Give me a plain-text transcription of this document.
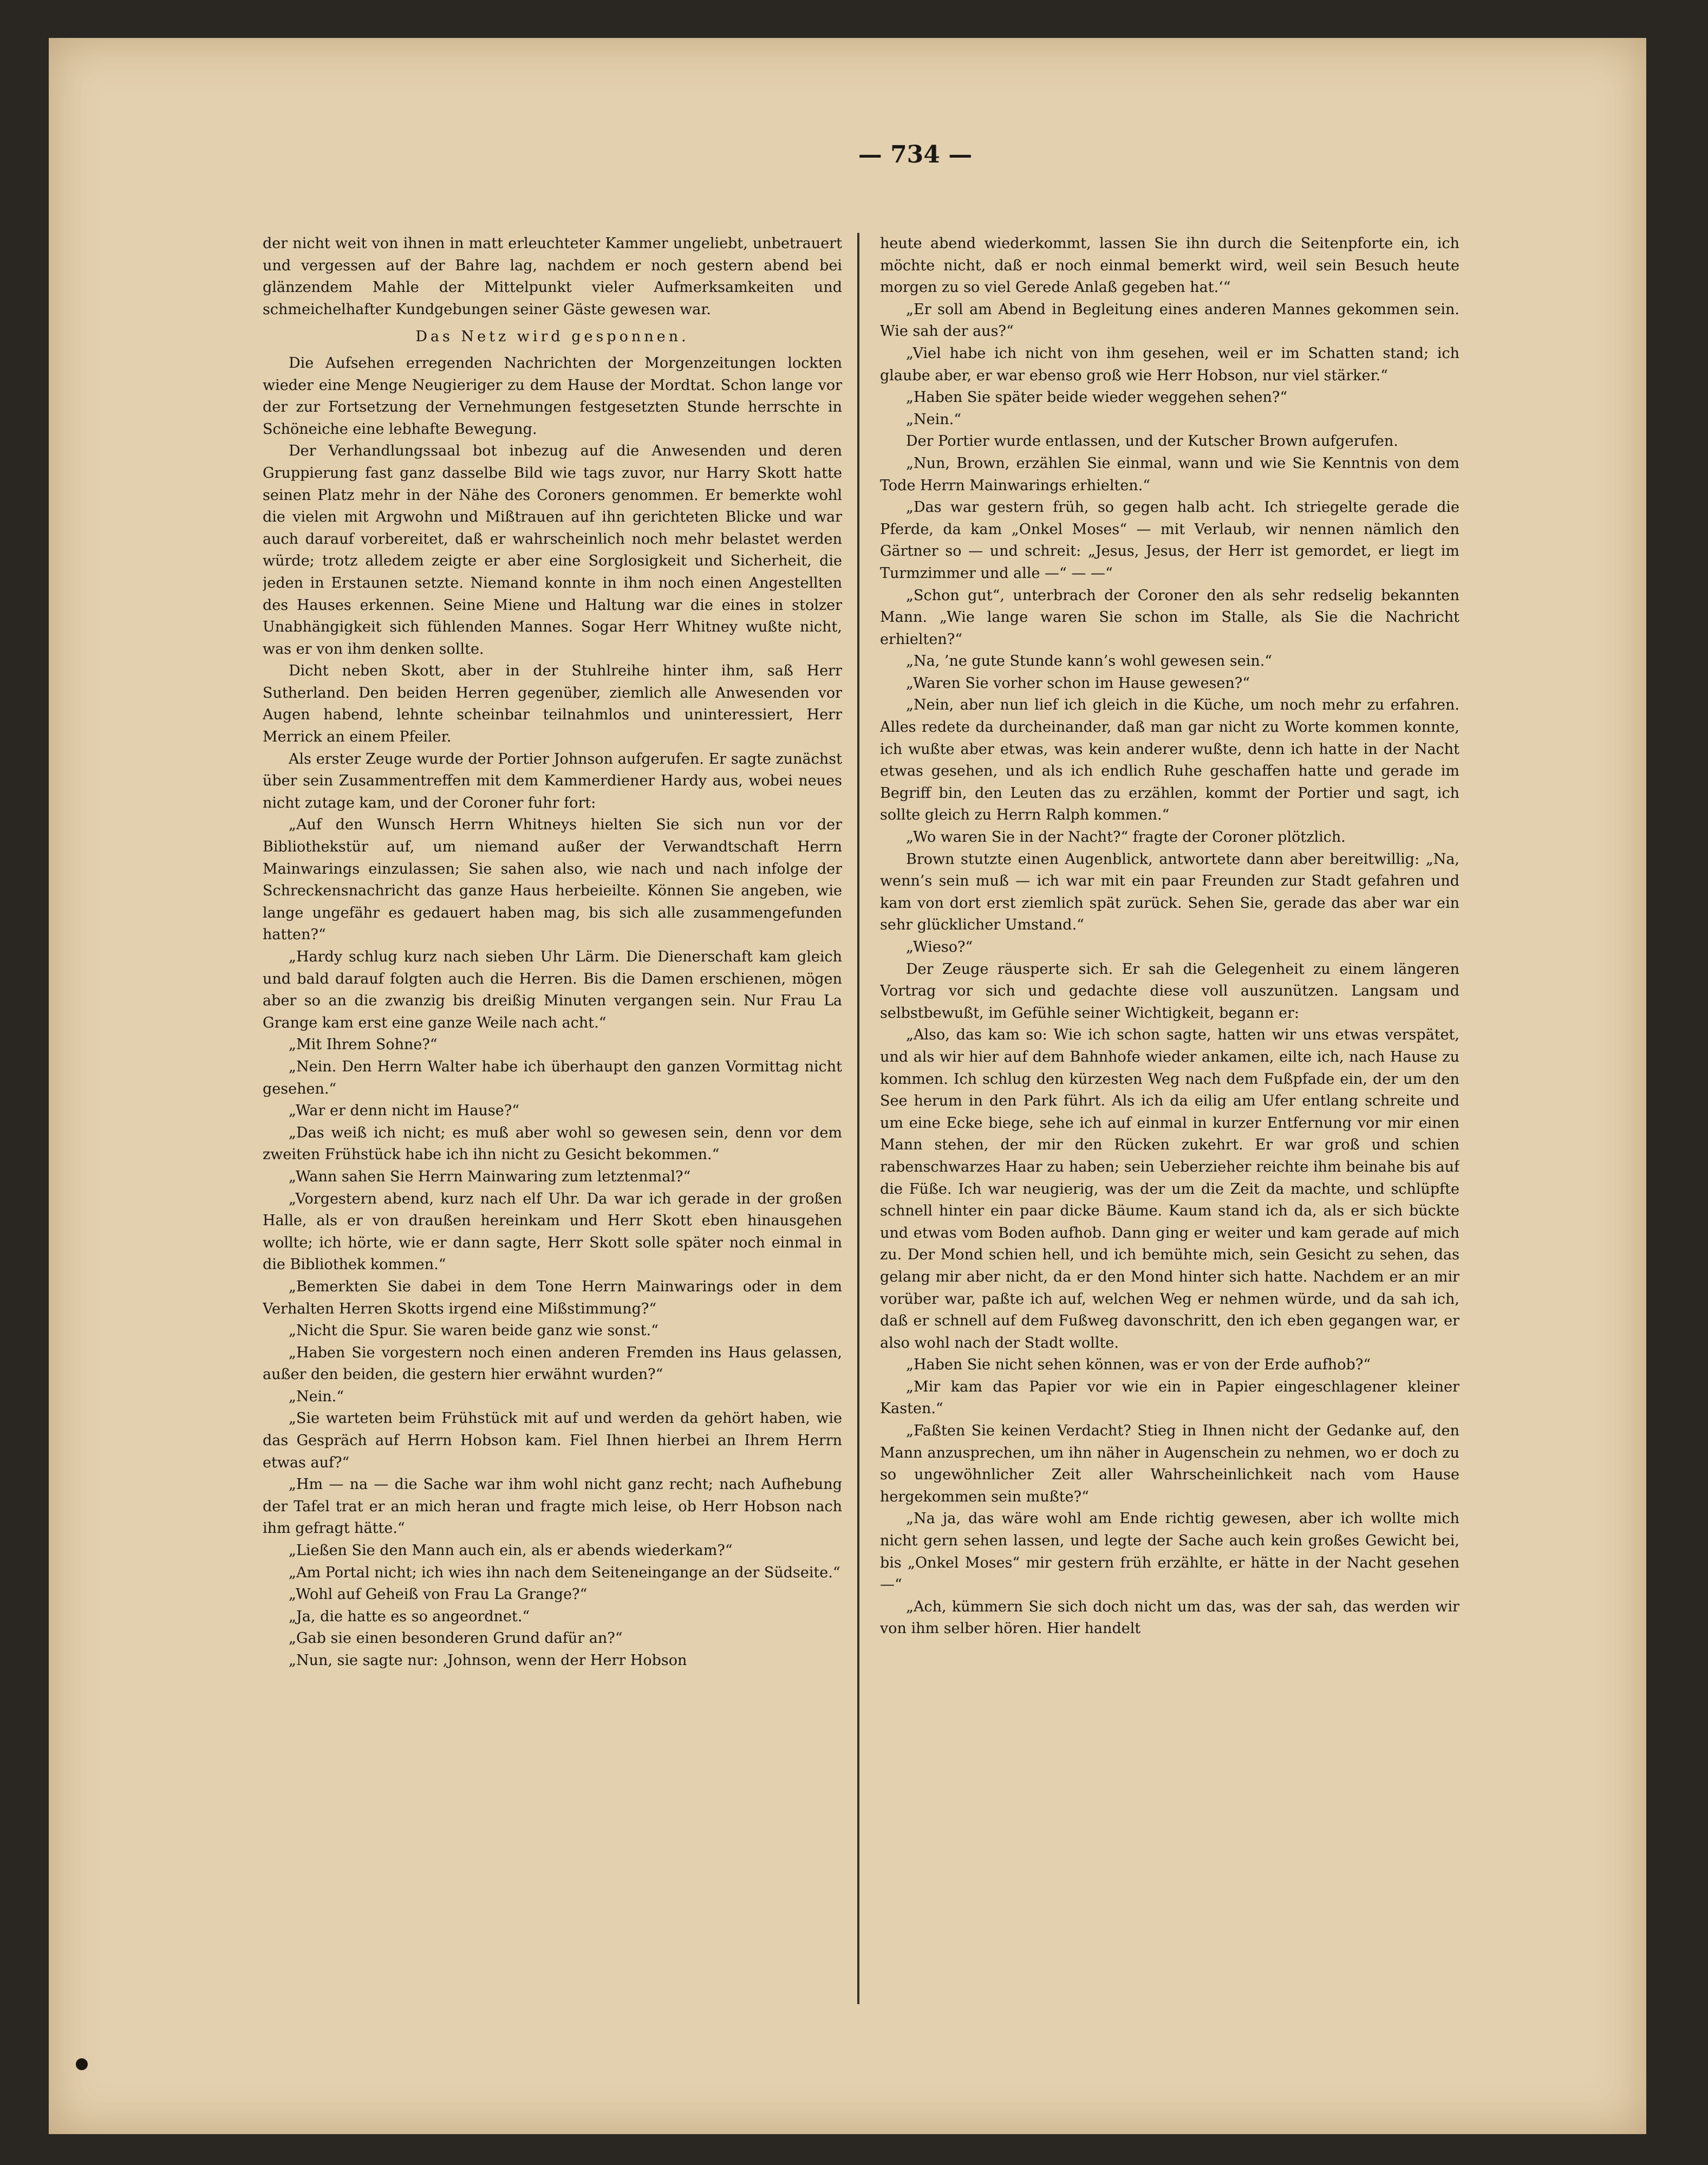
— 734 —

der nicht weit von ihnen in matt erleuchteter Kammer ungeliebt, unbetrauert und vergessen auf der Bahre lag, nachdem er noch gestern abend bei glänzendem Mahle der Mittelpunkt vieler Aufmerksamkeiten und schmeichelhafter Kundgebungen seiner Gäste gewesen war.

Das Netz wird gesponnen.

Die Aufsehen erregenden Nachrichten der Morgenzeitungen lockten wieder eine Menge Neugieriger zu dem Hause der Mordtat. Schon lange vor der zur Fortsetzung der Vernehmungen festgesetzten Stunde herrschte in Schöneiche eine lebhafte Bewegung.

Der Verhandlungssaal bot inbezug auf die Anwesenden und deren Gruppierung fast ganz dasselbe Bild wie tags zuvor, nur Harry Skott hatte seinen Platz mehr in der Nähe des Coroners genommen. Er bemerkte wohl die vielen mit Argwohn und Mißtrauen auf ihn gerichteten Blicke und war auch darauf vorbereitet, daß er wahrscheinlich noch mehr belastet werden würde; trotz alledem zeigte er aber eine Sorglosigkeit und Sicherheit, die jeden in Erstaunen setzte. Niemand konnte in ihm noch einen Angestellten des Hauses erkennen. Seine Miene und Haltung war die eines in stolzer Unabhängigkeit sich fühlenden Mannes. Sogar Herr Whitney wußte nicht, was er von ihm denken sollte.

Dicht neben Skott, aber in der Stuhlreihe hinter ihm, saß Herr Sutherland. Den beiden Herren gegenüber, ziemlich alle Anwesenden vor Augen habend, lehnte scheinbar teilnahmlos und uninteressiert, Herr Merrick an einem Pfeiler.

Als erster Zeuge wurde der Portier Johnson aufgerufen. Er sagte zunächst über sein Zusammentreffen mit dem Kammerdiener Hardy aus, wobei neues nicht zutage kam, und der Coroner fuhr fort:

„Auf den Wunsch Herrn Whitneys hielten Sie sich nun vor der Bibliothekstür auf, um niemand außer der Verwandtschaft Herrn Mainwarings einzulassen; Sie sahen also, wie nach und nach infolge der Schreckensnachricht das ganze Haus herbeieilte. Können Sie angeben, wie lange ungefähr es gedauert haben mag, bis sich alle zusammengefunden hatten?“

„Hardy schlug kurz nach sieben Uhr Lärm. Die Dienerschaft kam gleich und bald darauf folgten auch die Herren. Bis die Damen erschienen, mögen aber so an die zwanzig bis dreißig Minuten vergangen sein. Nur Frau La Grange kam erst eine ganze Weile nach acht.“

„Mit Ihrem Sohne?“

„Nein. Den Herrn Walter habe ich überhaupt den ganzen Vormittag nicht gesehen.“

„War er denn nicht im Hause?“

„Das weiß ich nicht; es muß aber wohl so gewesen sein, denn vor dem zweiten Frühstück habe ich ihn nicht zu Gesicht bekommen.“

„Wann sahen Sie Herrn Mainwaring zum letztenmal?“

„Vorgestern abend, kurz nach elf Uhr. Da war ich gerade in der großen Halle, als er von draußen hereinkam und Herr Skott eben hinausgehen wollte; ich hörte, wie er dann sagte, Herr Skott solle später noch einmal in die Bibliothek kommen.“

„Bemerkten Sie dabei in dem Tone Herrn Mainwarings oder in dem Verhalten Herren Skotts irgend eine Mißstimmung?“

„Nicht die Spur. Sie waren beide ganz wie sonst.“

„Haben Sie vorgestern noch einen anderen Fremden ins Haus gelassen, außer den beiden, die gestern hier erwähnt wurden?“

„Nein.“

„Sie warteten beim Frühstück mit auf und werden da gehört haben, wie das Gespräch auf Herrn Hobson kam. Fiel Ihnen hierbei an Ihrem Herrn etwas auf?“

„Hm — na — die Sache war ihm wohl nicht ganz recht; nach Aufhebung der Tafel trat er an mich heran und fragte mich leise, ob Herr Hobson nach ihm gefragt hätte.“

„Ließen Sie den Mann auch ein, als er abends wiederkam?“

„Am Portal nicht; ich wies ihn nach dem Seiteneingange an der Südseite.“

„Wohl auf Geheiß von Frau La Grange?“

„Ja, die hatte es so angeordnet.“

„Gab sie einen besonderen Grund dafür an?“

„Nun, sie sagte nur: ‚Johnson, wenn der Herr Hobson

heute abend wiederkommt, lassen Sie ihn durch die Seitenpforte ein, ich möchte nicht, daß er noch einmal bemerkt wird, weil sein Besuch heute morgen zu so viel Gerede Anlaß gegeben hat.‘“

„Er soll am Abend in Begleitung eines anderen Mannes gekommen sein. Wie sah der aus?“

„Viel habe ich nicht von ihm gesehen, weil er im Schatten stand; ich glaube aber, er war ebenso groß wie Herr Hobson, nur viel stärker.“

„Haben Sie später beide wieder weggehen sehen?“

„Nein.“

Der Portier wurde entlassen, und der Kutscher Brown aufgerufen.

„Nun, Brown, erzählen Sie einmal, wann und wie Sie Kenntnis von dem Tode Herrn Mainwarings erhielten.“

„Das war gestern früh, so gegen halb acht. Ich striegelte gerade die Pferde, da kam „Onkel Moses“ — mit Verlaub, wir nennen nämlich den Gärtner so — und schreit: „Jesus, Jesus, der Herr ist gemordet, er liegt im Turmzimmer und alle —“ — —“

„Schon gut“, unterbrach der Coroner den als sehr redselig bekannten Mann. „Wie lange waren Sie schon im Stalle, als Sie die Nachricht erhielten?“

„Na, ’ne gute Stunde kann’s wohl gewesen sein.“

„Waren Sie vorher schon im Hause gewesen?“

„Nein, aber nun lief ich gleich in die Küche, um noch mehr zu erfahren. Alles redete da durcheinander, daß man gar nicht zu Worte kommen konnte, ich wußte aber etwas, was kein anderer wußte, denn ich hatte in der Nacht etwas gesehen, und als ich endlich Ruhe geschaffen hatte und gerade im Begriff bin, den Leuten das zu erzählen, kommt der Portier und sagt, ich sollte gleich zu Herrn Ralph kommen.“

„Wo waren Sie in der Nacht?“ fragte der Coroner plötzlich.

Brown stutzte einen Augenblick, antwortete dann aber bereitwillig: „Na, wenn’s sein muß — ich war mit ein paar Freunden zur Stadt gefahren und kam von dort erst ziemlich spät zurück. Sehen Sie, gerade das aber war ein sehr glücklicher Umstand.“

„Wieso?“

Der Zeuge räusperte sich. Er sah die Gelegenheit zu einem längeren Vortrag vor sich und gedachte diese voll auszunützen. Langsam und selbstbewußt, im Gefühle seiner Wichtigkeit, begann er:

„Also, das kam so: Wie ich schon sagte, hatten wir uns etwas verspätet, und als wir hier auf dem Bahnhofe wieder ankamen, eilte ich, nach Hause zu kommen. Ich schlug den kürzesten Weg nach dem Fußpfade ein, der um den See herum in den Park führt. Als ich da eilig am Ufer entlang schreite und um eine Ecke biege, sehe ich auf einmal in kurzer Entfernung vor mir einen Mann stehen, der mir den Rücken zukehrt. Er war groß und schien rabenschwarzes Haar zu haben; sein Ueberzieher reichte ihm beinahe bis auf die Füße. Ich war neugierig, was der um die Zeit da machte, und schlüpfte schnell hinter ein paar dicke Bäume. Kaum stand ich da, als er sich bückte und etwas vom Boden aufhob. Dann ging er weiter und kam gerade auf mich zu. Der Mond schien hell, und ich bemühte mich, sein Gesicht zu sehen, das gelang mir aber nicht, da er den Mond hinter sich hatte. Nachdem er an mir vorüber war, paßte ich auf, welchen Weg er nehmen würde, und da sah ich, daß er schnell auf dem Fußweg davonschritt, den ich eben gegangen war, er also wohl nach der Stadt wollte.

„Haben Sie nicht sehen können, was er von der Erde aufhob?“

„Mir kam das Papier vor wie ein in Papier eingeschlagener kleiner Kasten.“

„Faßten Sie keinen Verdacht? Stieg in Ihnen nicht der Gedanke auf, den Mann anzusprechen, um ihn näher in Augenschein zu nehmen, wo er doch zu so ungewöhnlicher Zeit aller Wahrscheinlichkeit nach vom Hause hergekommen sein mußte?“

„Na ja, das wäre wohl am Ende richtig gewesen, aber ich wollte mich nicht gern sehen lassen, und legte der Sache auch kein großes Gewicht bei, bis „Onkel Moses“ mir gestern früh erzählte, er hätte in der Nacht gesehen —“

„Ach, kümmern Sie sich doch nicht um das, was der sah, das werden wir von ihm selber hören. Hier handelt
